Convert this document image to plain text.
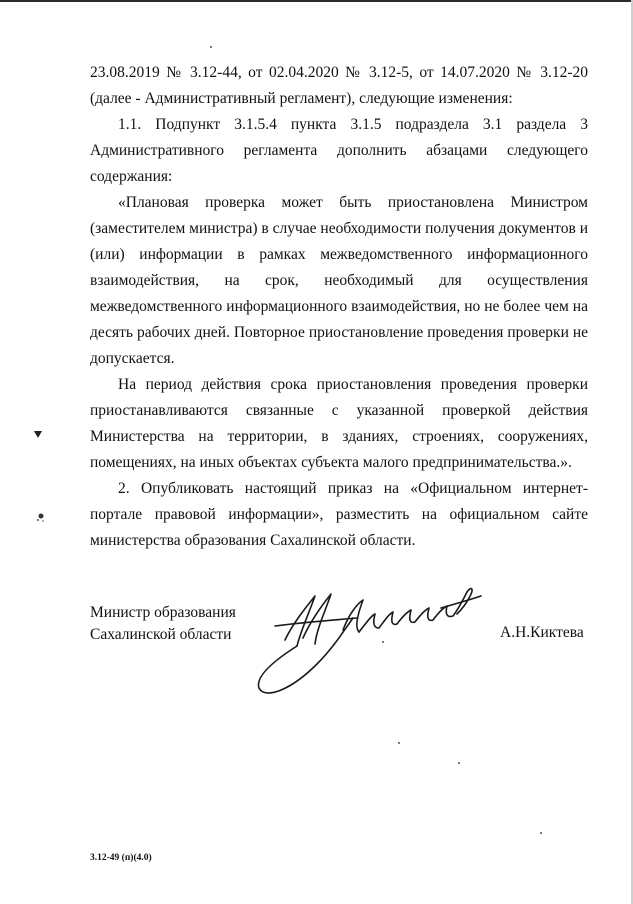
23.08.2019 № 3.12-44, от 02.04.2020 № 3.12-5, от 14.07.2020 № 3.12-20 (далее - Административный регламент), следующие изменения:

1.1. Подпункт 3.1.5.4 пункта 3.1.5 подраздела 3.1 раздела 3 Административного регламента дополнить абзацами следующего содержания:

«Плановая проверка может быть приостановлена Министром (заместителем министра) в случае необходимости получения документов и (или) информации в рамках межведомственного информационного взаимодействия, на срок, необходимый для осуществления межведомственного информационного взаимодействия, но не более чем на десять рабочих дней. Повторное приостановление проведения проверки не допускается.

На период действия срока приостановления проведения проверки приостанавливаются связанные с указанной проверкой действия Министерства на территории, в зданиях, строениях, сооружениях, помещениях, на иных объектах субъекта малого предпринимательства.».

2. Опубликовать настоящий приказ на «Официальном интернет-портале правовой информации», разместить на официальном сайте министерства образования Сахалинской области.

Министр образования
Сахалинской области	А.Н.Киктева
3.12-49 (п)(4.0)
